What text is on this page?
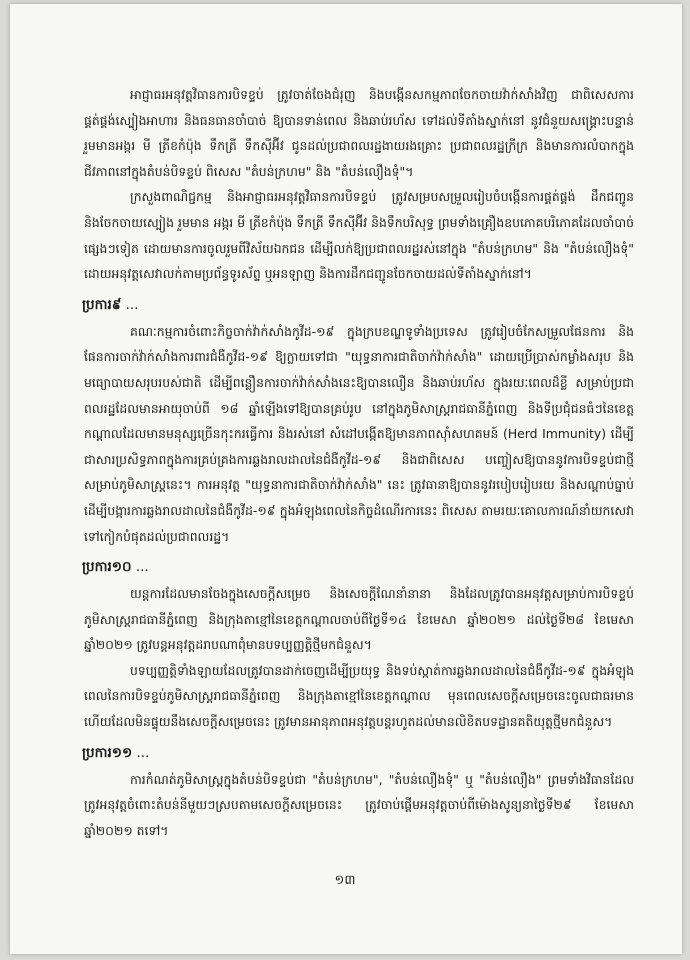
អាជ្ញាធរអនុវត្តវិធានការបិទខ្ទប់ ត្រូវចាត់ចែងជំរុញ និងបង្កើនសកម្មភាពចែកចាយវ៉ាក់សាំងវិញ ជាពិសេសការផ្គត់ផ្គង់ស្បៀងអាហារ និងធនធានចាំបាច់ ឱ្យបានទាន់ពេល និងឆាប់រហ័ស ទៅដល់ទីតាំងស្នាក់នៅ នូវជំនួយសង្គ្រោះបន្ទាន់ រួមមានអង្ករ មី ត្រីខកំប៉ុង ទឹកត្រី ទឹកស៊ីអ៊ីវ ជូនដល់ប្រជាពលរដ្ឋងាយរងគ្រោះ ប្រជាពលរដ្ឋក្រីក្រ និងមានការលំបាកក្នុងជីវភាពនៅក្នុងតំបន់បិទខ្ទប់ ពិសេស "តំបន់ក្រហម" និង "តំបន់លឿងទុំ"។

ក្រសួងពាណិជ្ជកម្ម និងអាជ្ញាធរអនុវត្តវិធានការបិទខ្ទប់ ត្រូវសម្របសម្រួលរៀបចំបង្កើនការផ្គត់ផ្គង់ ដឹកជញ្ជូន និងចែកចាយស្បៀង រួមមាន អង្ករ មី ត្រីខកំប៉ុង ទឹកត្រី ទឹកស៊ីអ៊ីវ និងទឹកបរិសុទ្ធ ព្រមទាំងគ្រឿងឧបភោគបរិភោគដែលចាំបាច់ផ្សេងៗទៀត ដោយមានការចូលរួមពីវិស័យឯកជន ដើម្បីលក់ឱ្យប្រជាពលរដ្ឋរស់នៅក្នុង "តំបន់ក្រហម" និង "តំបន់លឿងទុំ" ដោយអនុវត្តសេវាលក់តាមប្រព័ន្ធទូរស័ព្ទ ឬអនឡាញ និងការដឹកជញ្ជូនចែកចាយដល់ទីតាំងស្នាក់នៅ។

ប្រការ៩ ...

គណៈកម្មការចំពោះកិច្ចចាក់វ៉ាក់សាំងកូវីដ-១៩ ក្នុងក្របខណ្ឌទូទាំងប្រទេស ត្រូវរៀបចំកែសម្រួលផែនការ និងផែនការចាក់វ៉ាក់សាំងការពារជំងឺកូវីដ-១៩ ឱ្យក្លាយទៅជា "យុទ្ធនាការជាតិចាក់វ៉ាក់សាំង" ដោយប្រើប្រាស់កម្លាំងសរុប និងមធ្យោបាយសរុបរបស់ជាតិ ដើម្បីពន្លឿនការចាក់វ៉ាក់សាំងនេះឱ្យបានលឿន និងឆាប់រហ័ស ក្នុងរយៈពេលដ៏ខ្លី សម្រាប់ប្រជាពលរដ្ឋដែលមានអាយុចាប់ពី ១៨ ឆ្នាំឡើងទៅឱ្យបានគ្រប់រូប នៅក្នុងភូមិសាស្ត្ររាជធានីភ្នំពេញ និងទីប្រជុំជនធំៗនៃខេត្តកណ្តាលដែលមានមនុស្សច្រើនកុះករធ្វើការ និងរស់នៅ សំដៅបង្កើតឱ្យមានភាពស៊ាំសហគមន៍ (Herd Immunity) ដើម្បីជាសារប្រសិទ្ធភាពក្នុងការគ្រប់គ្រងការឆ្លងរាលដាលនៃជំងឺកូវីដ-១៩ និងជាពិសេស បញ្ចៀសឱ្យបាននូវការបិទខ្ទប់ជាថ្មីសម្រាប់ភូមិសាស្ត្រនេះ។ ការអនុវត្ត "យុទ្ធនាការជាតិចាក់វ៉ាក់សាំង" នេះ ត្រូវធានាឱ្យបាននូវរបៀបរៀបរយ និងសណ្តាប់ធ្នាប់ ដើម្បីបង្ការការឆ្លងរាលដាលនៃជំងឺកូវីដ-១៩ ក្នុងអំឡុងពេលនៃកិច្ចដំណើរការនេះ ពិសេស តាមរយៈគោលការណ៍នាំយកសេវាទៅកៀកបំផុតដល់ប្រជាពលរដ្ឋ។

ប្រការ១០ ...

យន្តការដែលមានចែងក្នុងសេចក្តីសម្រេច និងសេចក្តីណែនាំនានា និងដែលត្រូវបានអនុវត្តសម្រាប់ការបិទខ្ទប់ភូមិសាស្ត្ររាជធានីភ្នំពេញ និងក្រុងតាខ្មៅនៃខេត្តកណ្តាលចាប់ពីថ្ងៃទី១៤ ខែមេសា ឆ្នាំ២០២១ ដល់ថ្ងៃទី២៨ ខែមេសា ឆ្នាំ២០២១ ត្រូវបន្តអនុវត្តដរាបណាពុំមានបទប្បញ្ញត្តិថ្មីមកជំនួស។

បទប្បញ្ញត្តិទាំងឡាយដែលត្រូវបានដាក់ចេញដើម្បីប្រយុទ្ធ និងទប់ស្កាត់ការឆ្លងរាលដាលនៃជំងឺកូវីដ-១៩ ក្នុងអំឡុងពេលនៃការបិទខ្ទប់ភូមិសាស្ត្ររាជធានីភ្នំពេញ និងក្រុងតាខ្មៅនៃខេត្តកណ្តាល មុនពេលសេចក្តីសម្រេចនេះចូលជាធរមាន ហើយដែលមិនផ្ទុយនឹងសេចក្តីសម្រេចនេះ ត្រូវមានអានុភាពអនុវត្តបន្តរហូតដល់មានលិខិតបទដ្ឋានគតិយុត្តថ្មីមកជំនួស។

ប្រការ១១ ...

ការកំណត់ភូមិសាស្ត្រក្នុងតំបន់បិទខ្ទប់ជា "តំបន់ក្រហម", "តំបន់លឿងទុំ" ឬ "តំបន់លឿង" ព្រមទាំងវិធានដែលត្រូវអនុវត្តចំពោះតំបន់នីមួយៗស្របតាមសេចក្តីសម្រេចនេះ ត្រូវចាប់ផ្តើមអនុវត្តចាប់ពីម៉ោងសូន្យនាថ្ងៃទី២៩ ខែមេសា ឆ្នាំ២០២១ តទៅ។

១៣
